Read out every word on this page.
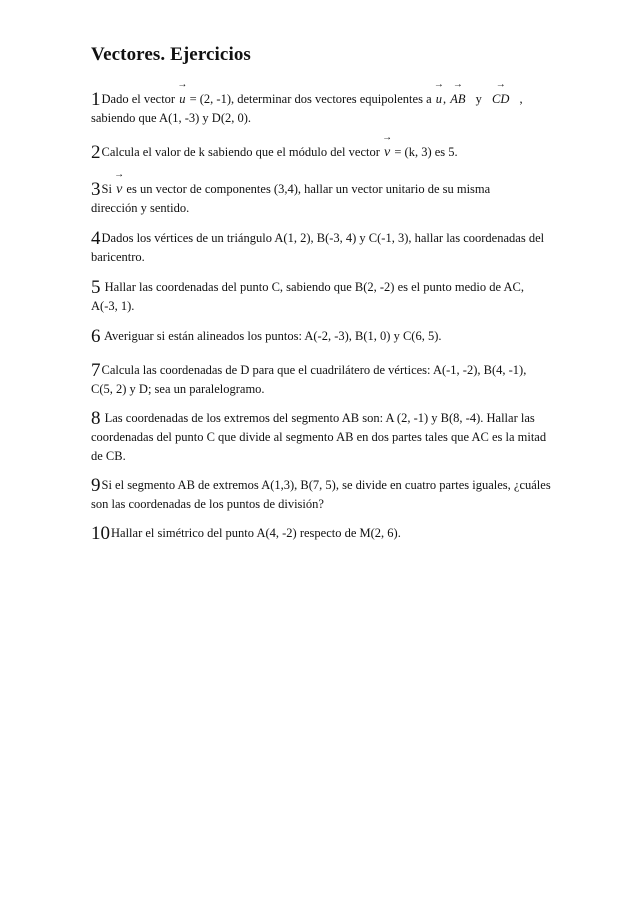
Vectores. Ejercicios
1Dado el vector → u = (2, -1), determinar dos vectores equipolentes a → u, → AB y → CD ,
sabiendo que A(1, -3) y D(2, 0).
2Calcula el valor de k sabiendo que el módulo del vector → v = (k, 3) es 5.
3Si → v es un vector de componentes (3,4), hallar un vector unitario de su misma
dirección y sentido.
4Dados los vértices de un triángulo A(1, 2), B(-3, 4) y C(-1, 3), hallar las coordenadas del baricentro.
5 Hallar las coordenadas del punto C, sabiendo que B(2, -2) es el punto medio de AC, A(-3, 1).
6 Averiguar si están alineados los puntos: A(-2, -3), B(1, 0) y C(6, 5).
7Calcula las coordenadas de D para que el cuadrilátero de vértices: A(-1, -2), B(4, -1), C(5, 2) y D; sea un paralelogramo.
8 Las coordenadas de los extremos del segmento AB son: A (2, -1) y B(8, -4). Hallar las coordenadas del punto C que divide al segmento AB en dos partes tales que AC es la mitad de CB.
9Si el segmento AB de extremos A(1,3), B(7, 5), se divide en cuatro partes iguales, ¿cuáles son las coordenadas de los puntos de división?
10Hallar el simétrico del punto A(4, -2) respecto de M(2, 6).
